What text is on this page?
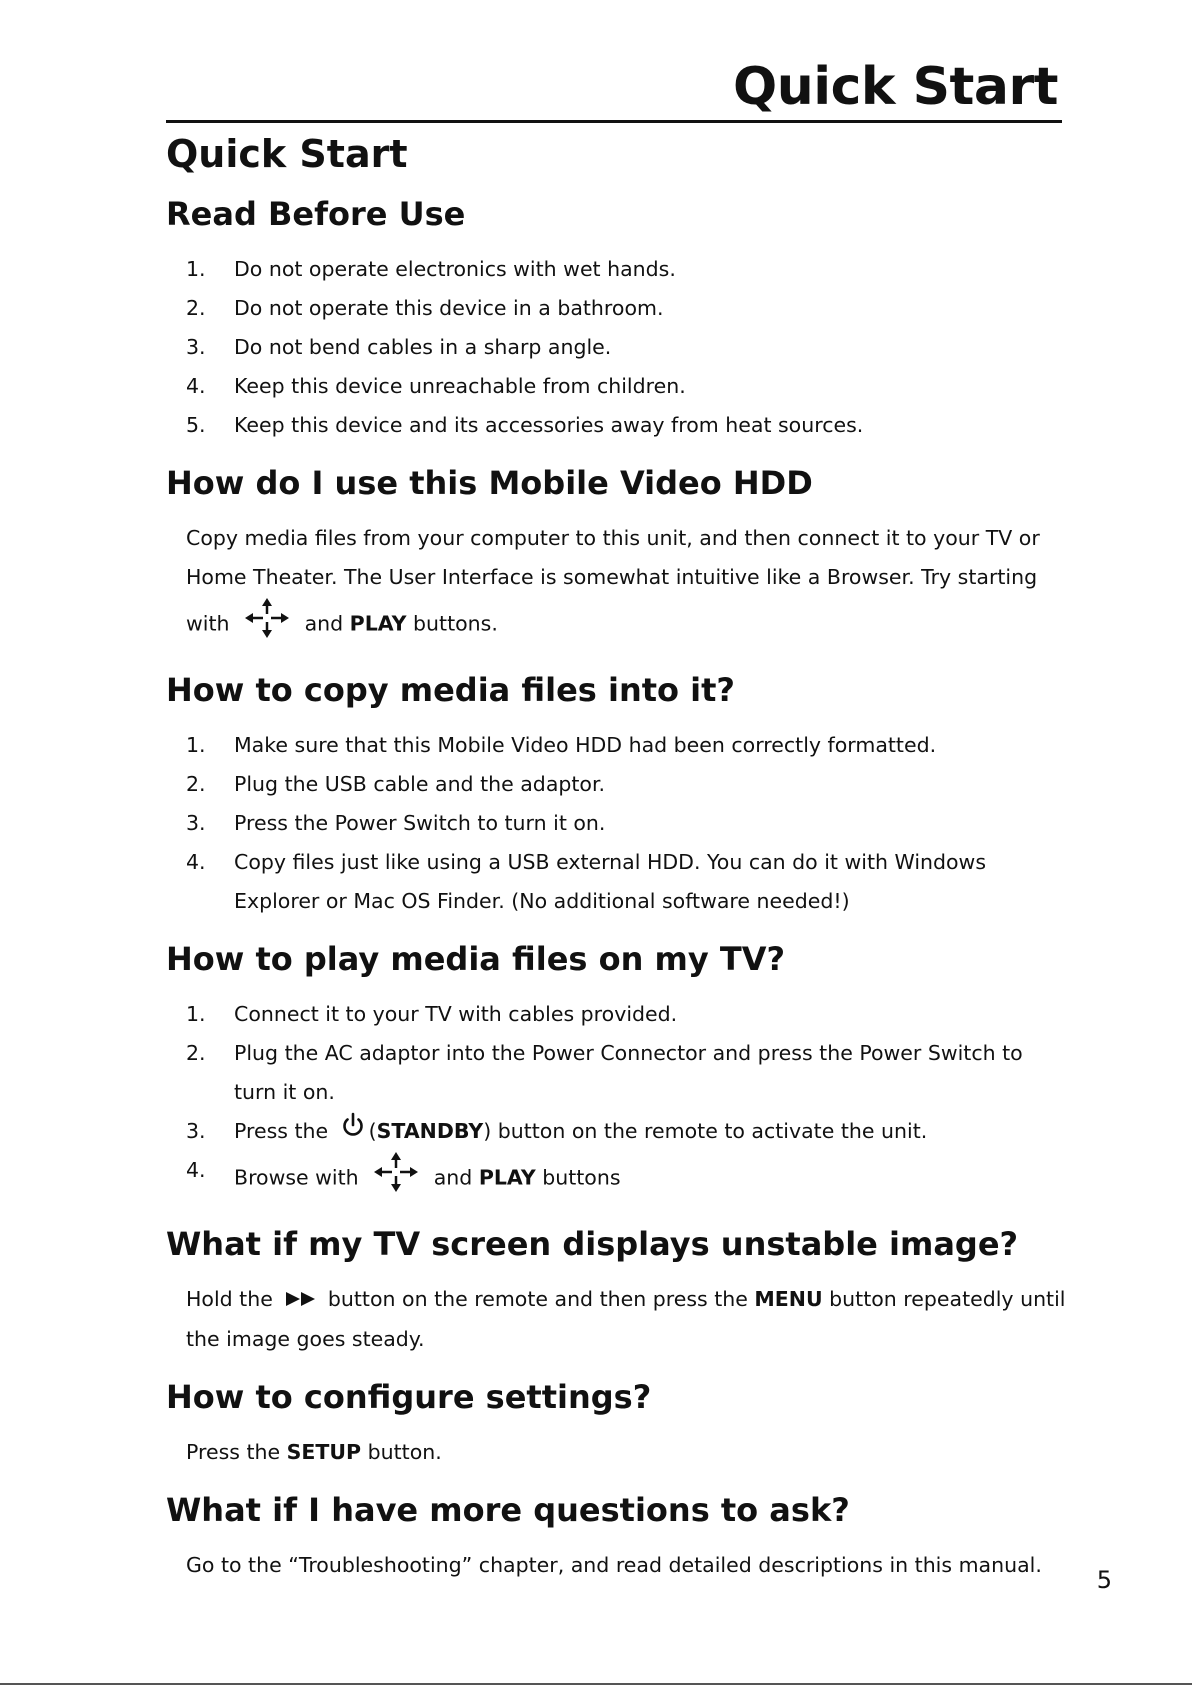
Quick Start
Quick Start
Read Before Use
1. Do not operate electronics with wet hands.
2. Do not operate this device in a bathroom.
3. Do not bend cables in a sharp angle.
4. Keep this device unreachable from children.
5. Keep this device and its accessories away from heat sources.
How do I use this Mobile Video HDD

Copy media files from your computer to this unit, and then connect it to your TV or Home Theater. The User Interface is somewhat intuitive like a Browser. Try starting with	and PLAY buttons.

How to copy media files into it?
1. Make sure that this Mobile Video HDD had been correctly formatted.
2. Plug the USB cable and the adaptor.
3. Press the Power Switch to turn it on.
4. Copy files just like using a USB external HDD. You can do it with Windows Explorer or Mac OS Finder. (No additional software needed!)
How to play media files on my TV?
1. Connect it to your TV with cables provided.
2. Plug the AC adaptor into the Power Connector and press the Power Switch to turn it on.
3. Press the (STANDBY) button on the remote to activate the unit.
4. Browse with	and PLAY buttons
What if my TV screen displays unstable image?

Hold the	button on the remote and then press the MENU button repeatedly until the image goes steady.

How to configure settings?

Press the SETUP button.

What if I have more questions to ask?

Go to the “Troubleshooting” chapter, and read detailed descriptions in this manual.

5
